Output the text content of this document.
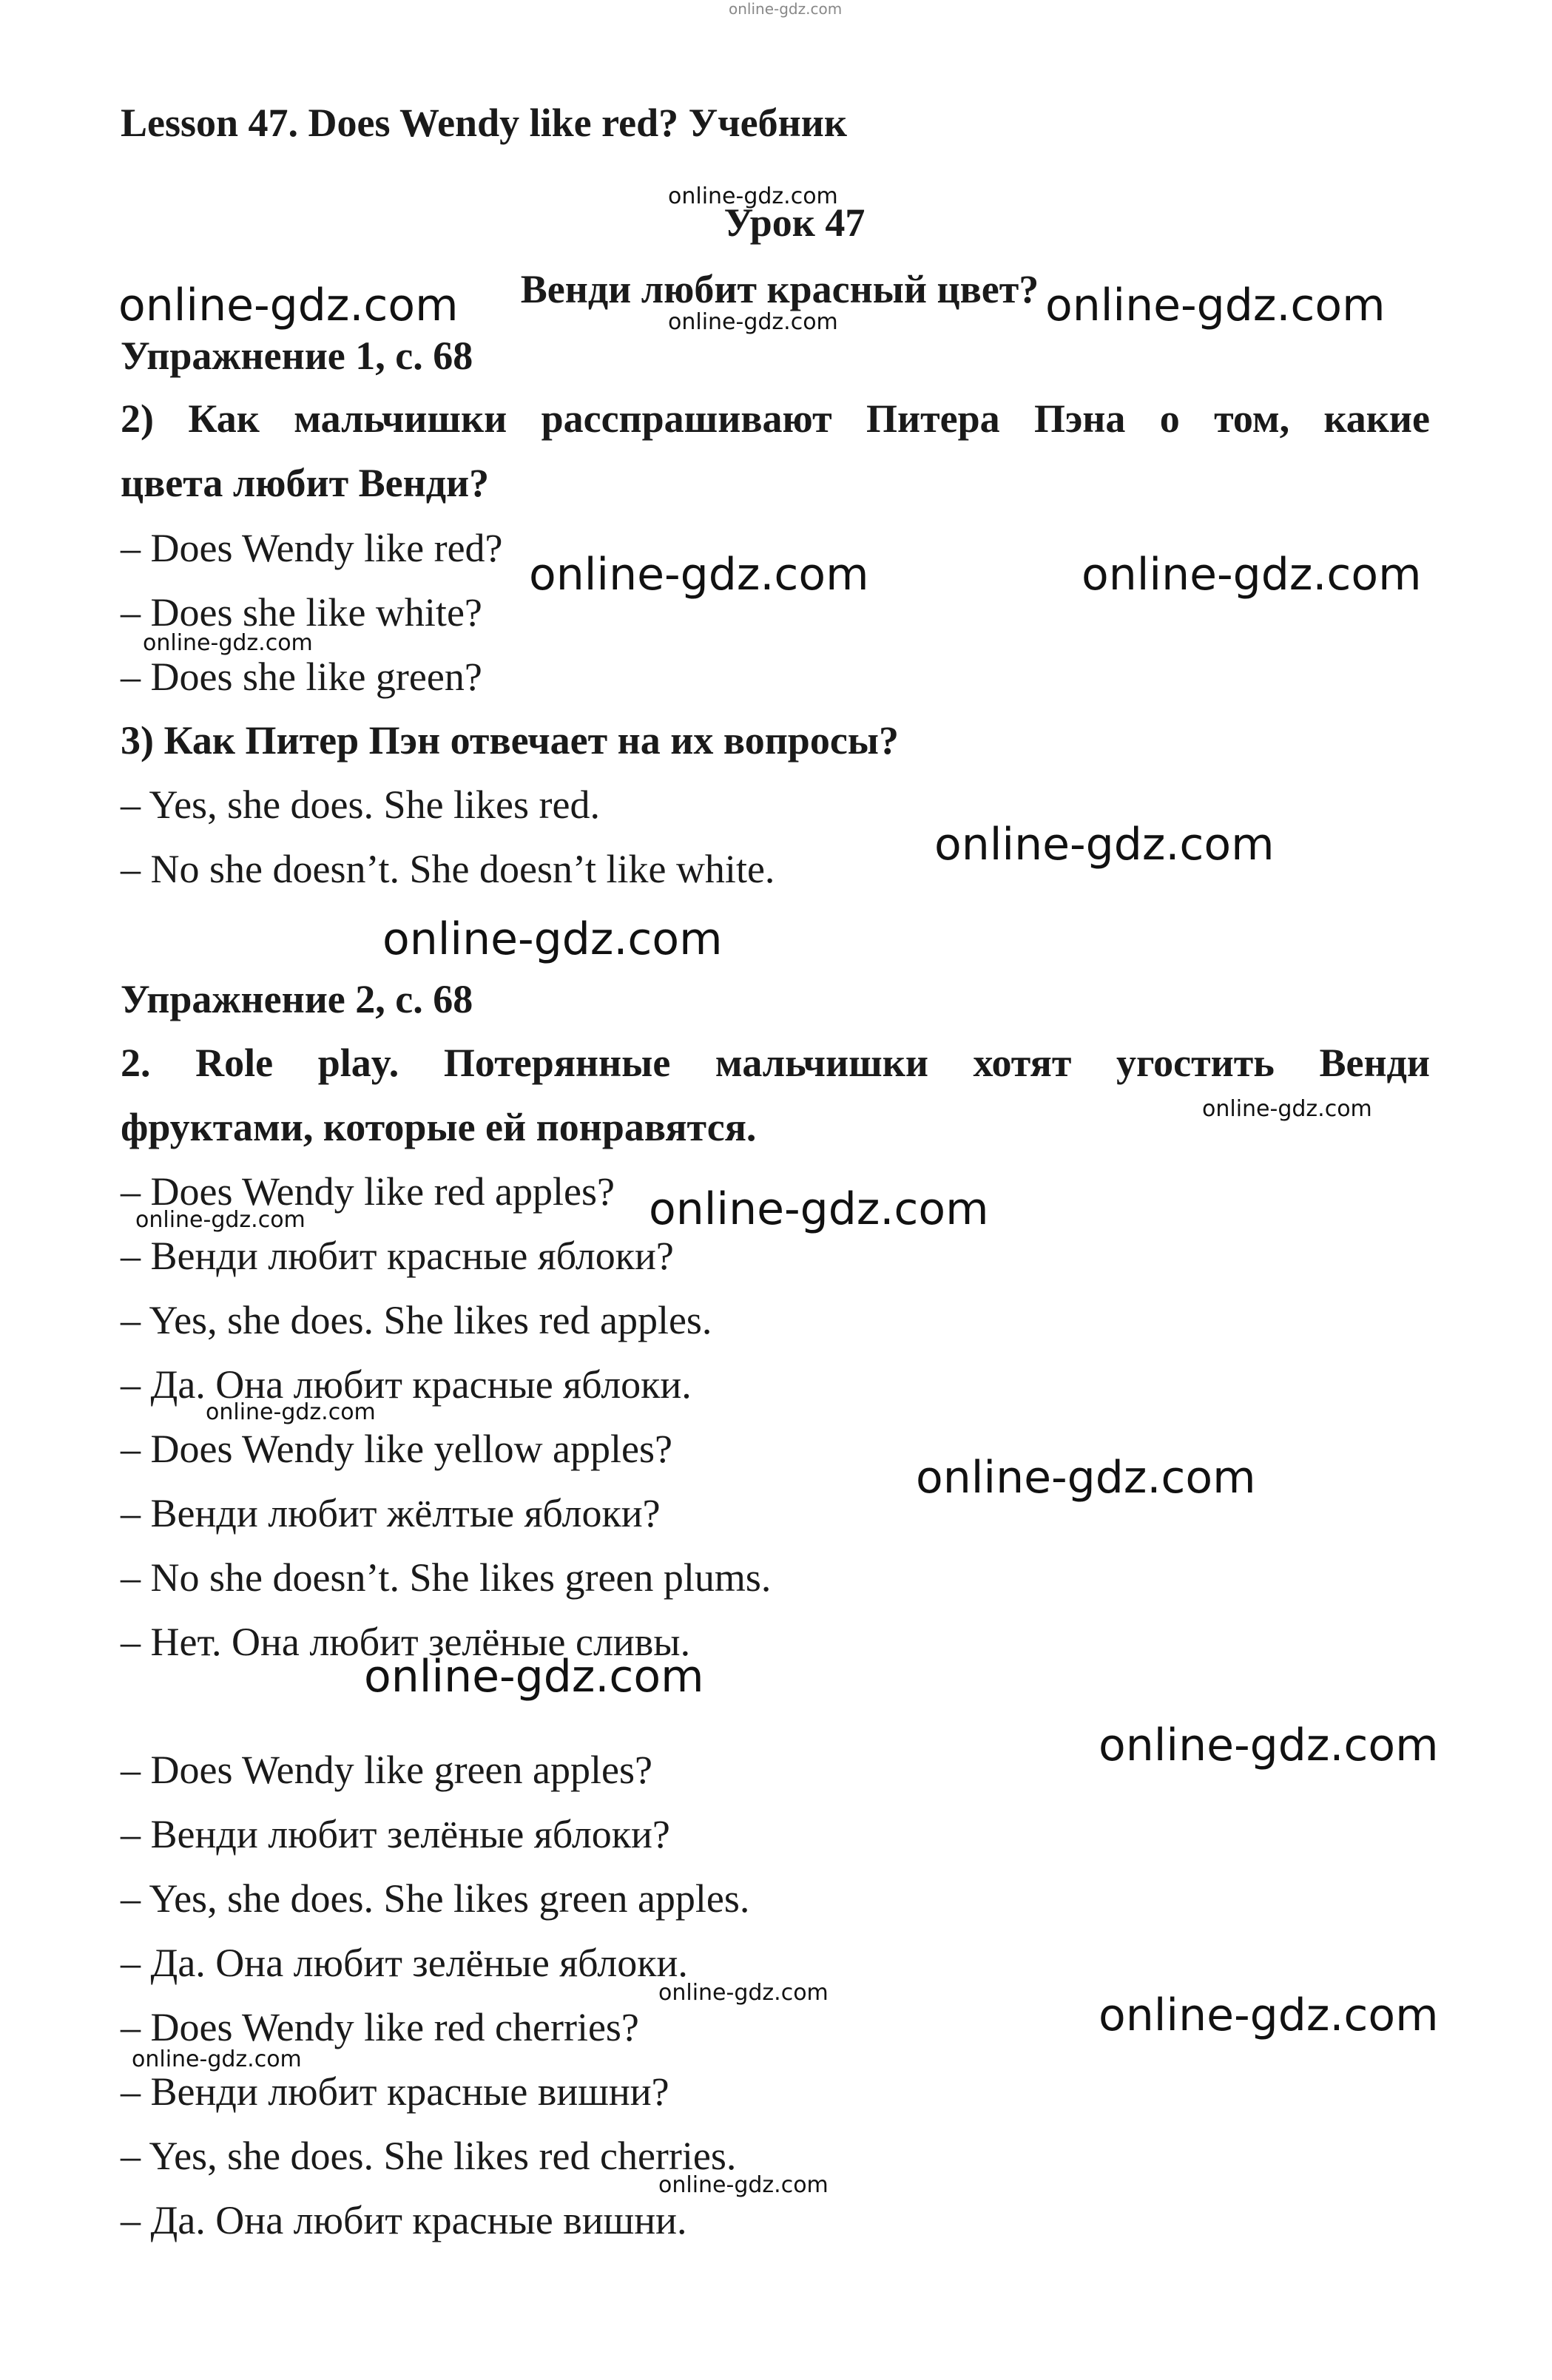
online-gdz.com
Lesson 47. Does Wendy like red? Учебник
Урок 47
Венди любит красный цвет?
Упражнение 1, с. 68
2) Как мальчишки расспрашивают Питера Пэна о том, какие
цвета любит Венди?
– Does Wendy like red?
– Does she like white?
– Does she like green?
3) Как Питер Пэн отвечает на их вопросы?
– Yes, she does. She likes red.
– No she doesn’t. She doesn’t like white.
Упражнение 2, с. 68
2. Role play. Потерянные мальчишки хотят угостить Венди
фруктами, которые ей понравятся.
– Does Wendy like red apples?
– Венди любит красные яблоки?
– Yes, she does. She likes red apples.
– Да. Она любит красные яблоки.
– Does Wendy like yellow apples?
– Венди любит жёлтые яблоки?
– No she doesn’t. She likes green plums.
– Нет. Она любит зелёные сливы.
– Does Wendy like green apples?
– Венди любит зелёные яблоки?
– Yes, she does. She likes green apples.
– Да. Она любит зелёные яблоки.
– Does Wendy like red cherries?
– Венди любит красные вишни?
– Yes, she does. She likes red cherries.
– Да. Она любит красные вишни.
online-gdz.com	online-gdz.com
online-gdz.com	online-gdz.com
online-gdz.com
online-gdz.com
online-gdz.com
online-gdz.com
online-gdz.com
online-gdz.com
online-gdz.com
online-gdz.com
online-gdz.com
online-gdz.com
online-gdz.com
online-gdz.com
online-gdz.com
online-gdz.com
online-gdz.com
online-gdz.com
